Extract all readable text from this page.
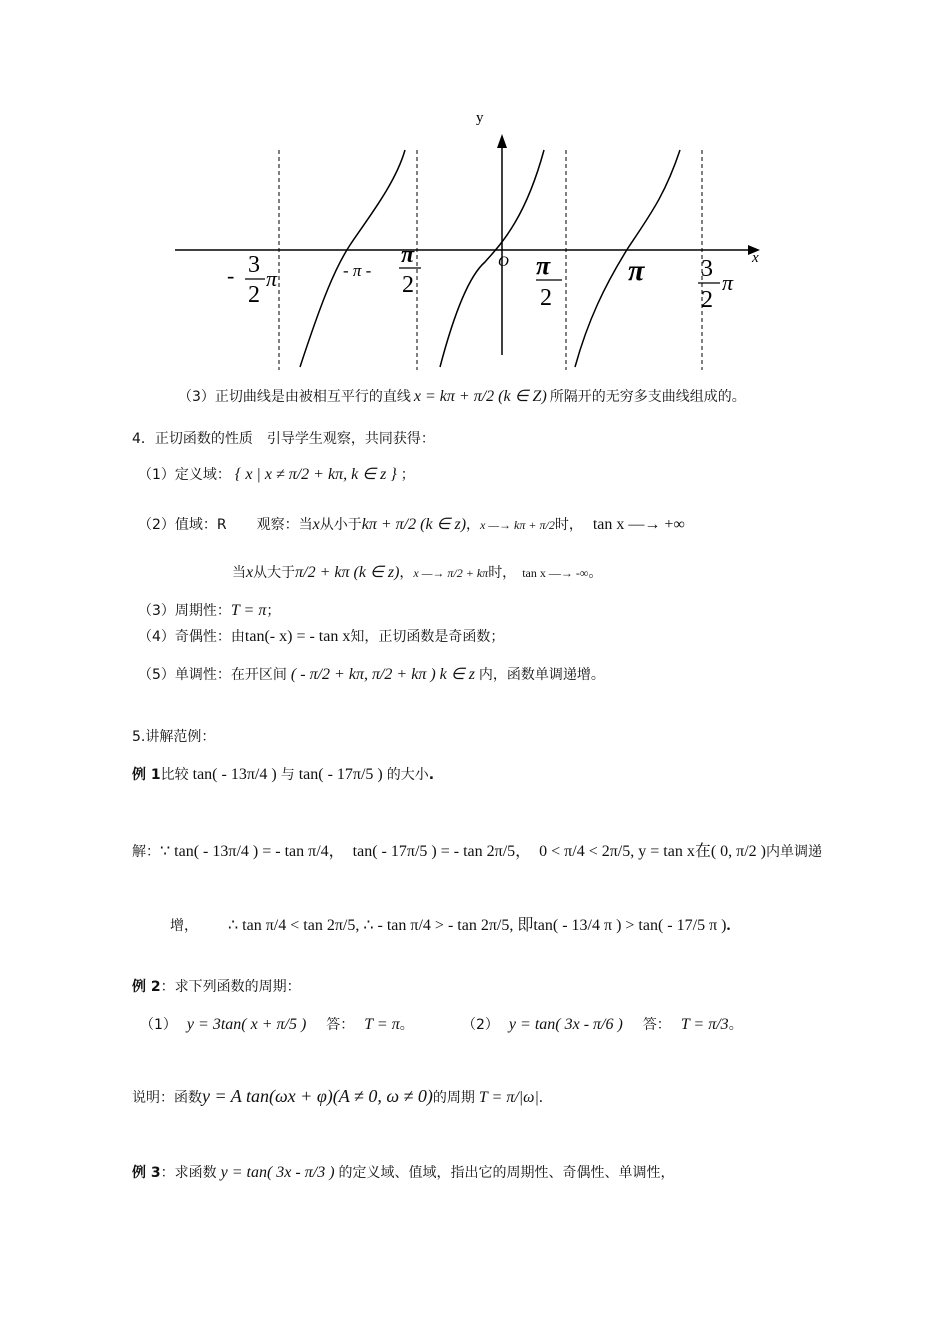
y
x
O
- 3
2
π	- π -
π
2
π
2
π 3
2
π
（3）正切曲线是由被相互平行的直线 x = kπ + π/2 (k ∈ Z) 所隔开的无穷多支曲线组成的。
4．正切函数的性质　引导学生观察，共同获得：
（1）定义域： { x | x ≠ π/2 + kπ, k ∈ z } ；
（2）值域：R 观察：当x从小于kπ + π/2 (k ∈ z)，x —→ kπ + π/2时， tan x —→ +∞
当x从大于π/2 + kπ (k ∈ z)，x —→ π/2 + kπ时， tan x —→ -∞。
（3）周期性：T = π；
（4）奇偶性：由tan(- x) = - tan x知，正切函数是奇函数；
（5）单调性：在开区间 ( - π/2 + kπ, π/2 + kπ ) k ∈ z 内，函数单调递增。
5.讲解范例：
例 1比较 tan( - 13π/4 ) 与 tan( - 17π/5 ) 的大小.
解：∵ tan( - 13π/4 ) = - tan π/4， tan( - 17π/5 ) = - tan 2π/5， 0 < π/4 < 2π/5, y = tan x在( 0, π/2 )内单调递
增， ∴ tan π/4 < tan 2π/5, ∴ - tan π/4 > - tan 2π/5, 即tan( - 13/4 π ) > tan( - 17/5 π ).
例 2：求下列函数的周期：
（1） y = 3tan( x + π/5 ) 答： T = π。	（2） y = tan( 3x - π/6 ) 答： T = π/3。
说明：函数y = A tan(ωx + φ)(A ≠ 0, ω ≠ 0)的周期 T = π/|ω|.
例 3：求函数 y = tan( 3x - π/3 ) 的定义域、值域，指出它的周期性、奇偶性、单调性，
